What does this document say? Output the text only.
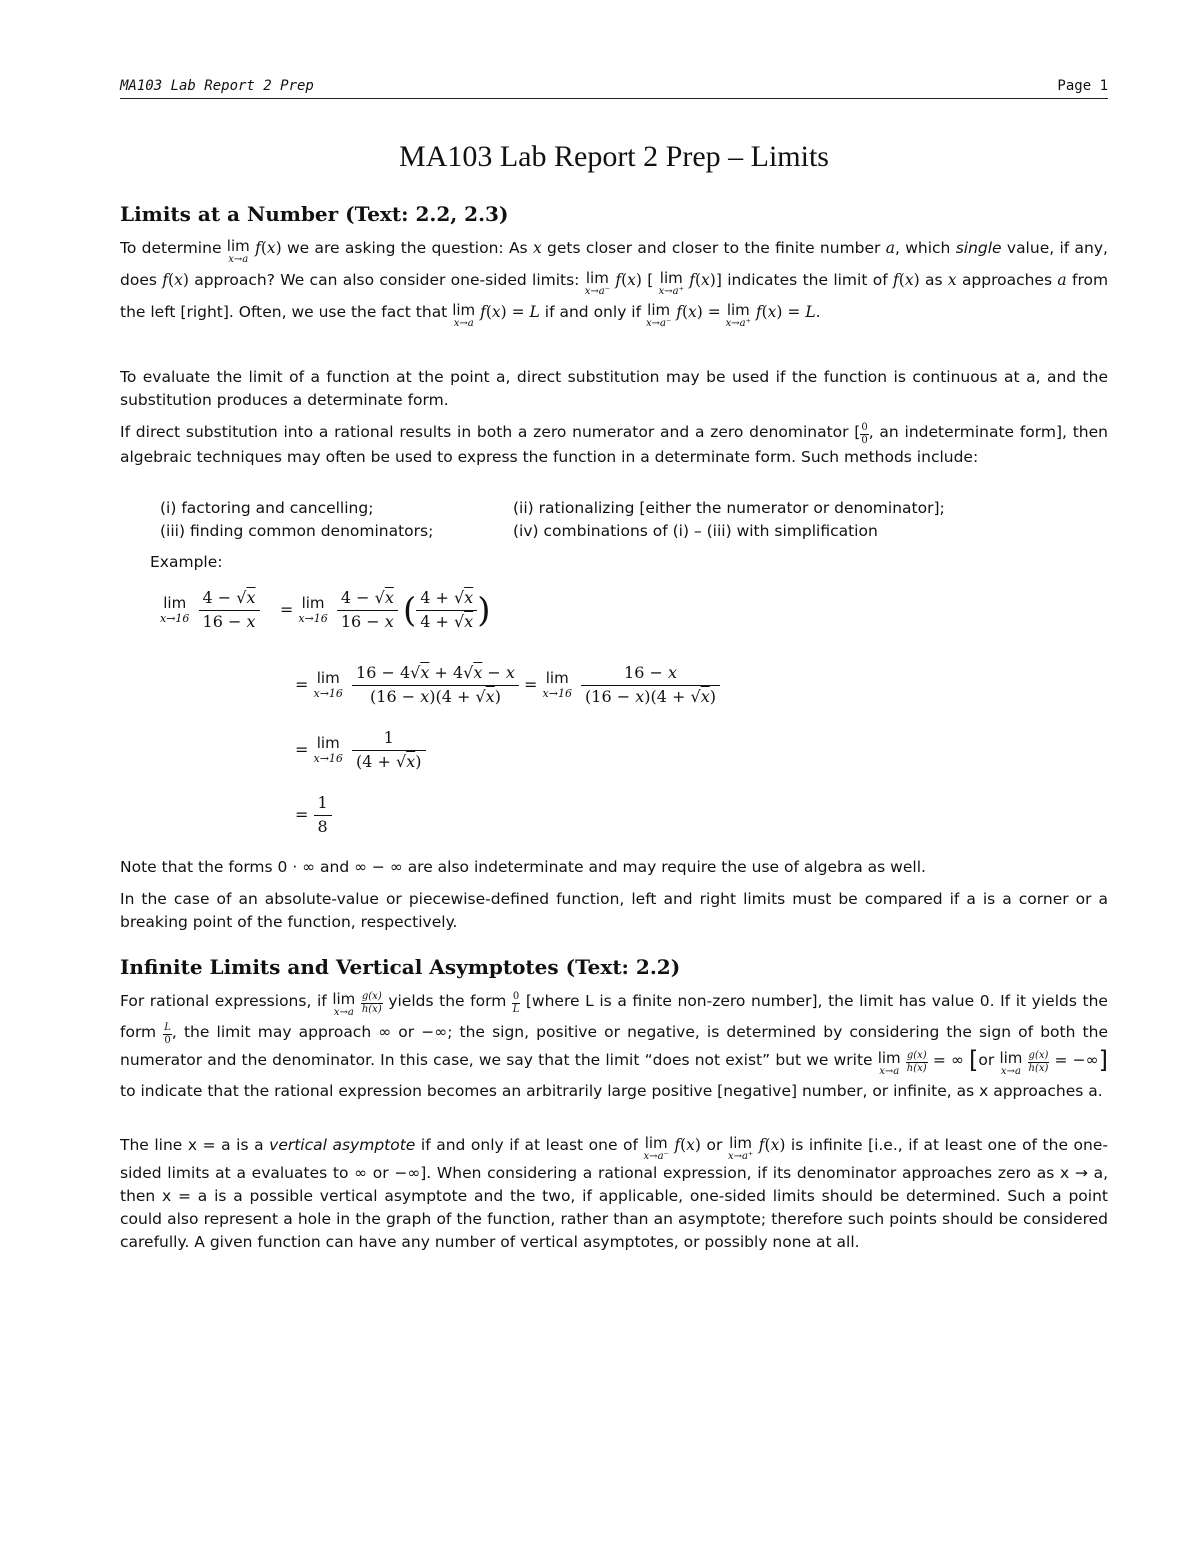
MA103 Lab Report 2 Prep	Page 1
MA103 Lab Report 2 Prep – Limits
Limits at a Number (Text: 2.2, 2.3)
To determine lim
x→a
f(x) we are asking the question: As x gets closer and closer to the finite number a, which single value, if any, does f(x) approach? We can also consider one-sided limits: lim
x→a⁻
f(x) [ lim
x→a⁺
f(x)] indicates the limit of f(x) as x approaches a from the left [right]. Often, we use the fact that lim
x→a
f(x) = L if and only if lim
x→a⁻
f(x) = lim
x→a⁺
f(x) = L.
To evaluate the limit of a function at the point a, direct substitution may be used if the function is continuous at a, and the substitution produces a determinate form.
If direct substitution into a rational results in both a zero numerator and a zero denominator [ $\frac{0}{0}$ , an indeterminate form], then algebraic techniques may often be used to express the function in a determinate form. Such methods include:
(i) factoring and cancelling;	(ii) rationalizing [either the numerator or denominator];
(iii) finding common denominators;	(iv) combinations of (i) – (iii) with simplification
Example:
lim
x→16
$\frac{4 - √x}{16 - x} = \lim$
x→16
$\frac{4 - √x}{16 - x}$ ( $\frac{4 + √x}{4 + √x}$ )
= lim
x→16
$\frac{16 - 4√x + 4√x - x}{(16 - x)(4 + √x)} = \lim$
x→16
$\frac{16 - x}{(16 - x)(4 + √x)}$
= lim
x→16
$\frac{1}{(4 + √x)}$
= $\frac{1}{8}$
Note that the forms 0 · ∞ and ∞ − ∞ are also indeterminate and may require the use of algebra as well.
In the case of an absolute-value or piecewise-defined function, left and right limits must be compared if a is a corner or a breaking point of the function, respectively.
Infinite Limits and Vertical Asymptotes (Text: 2.2)
For rational expressions, if lim
x→a
$\frac{g(x)}{h(x)}$ yields the form $\frac{0}{L}$ [where L is a finite non-zero number], the limit has value 0. If it yields the form $\frac{L}{0}$ , the limit may approach ∞ or −∞; the sign, positive or negative, is determined by considering the sign of both the numerator and the denominator. In this case, we say that the limit “does not exist” but we write lim
x→a
$\frac{g(x)}{h(x)}$ = ∞ [or lim
x→a
$\frac{g(x)}{h(x)}$ = −∞] to indicate that the rational expression becomes an arbitrarily large positive [negative] number, or infinite, as x approaches a.
The line x = a is a vertical asymptote if and only if at least one of lim
x→a⁻
f(x) or lim
x→a⁺
f(x) is infinite [i.e., if at least one of the one-sided limits at a evaluates to ∞ or −∞]. When considering a rational expression, if its denominator approaches zero as x → a, then x = a is a possible vertical asymptote and the two, if applicable, one-sided limits should be determined. Such a point could also represent a hole in the graph of the function, rather than an asymptote; therefore such points should be considered carefully. A given function can have any number of vertical asymptotes, or possibly none at all.
